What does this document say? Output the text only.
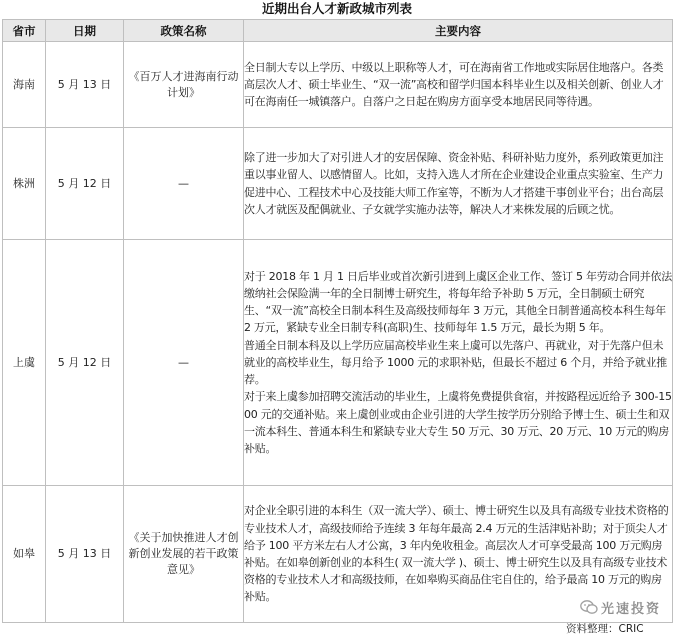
近期出台人才新政城市列表
省市	日期	政策名称	主要内容
海南	5 月 13 日	《百万人才进海南行动计划》	全日制大专以上学历、中级以上职称等人才，可在海南省工作地或实际居住地落户。各类高层次人才、硕士毕业生、“双一流”高校和留学归国本科毕业生以及相关创新、创业人才可在海南任一城镇落户。自落户之日起在购房方面享受本地居民同等待遇。

株洲	5 月 12 日	—	除了进一步加大了对引进人才的安居保障、资金补贴、科研补贴力度外，系列政策更加注重以事业留人、以感情留人。比如，支持入选人才所在企业建设企业重点实验室、生产力促进中心、工程技术中心及技能大师工作室等，不断为人才搭建干事创业平台；出台高层次人才就医及配偶就业、子女就学实施办法等，解决人才来株发展的后顾之忧。

上虞	5 月 12 日	—	对于 2018 年 1 月 1 日后毕业或首次新引进到上虞区企业工作、签订 5 年劳动合同并依法缴纳社会保险满一年的全日制博士研究生，将每年给予补助 5 万元，全日制硕士研究生、“双一流”高校全日制本科生及高级技师每年 3 万元，其他全日制普通高校本科生每年 2 万元，紧缺专业全日制专科(高职)生、技师每年 1.5 万元，最长为期 5 年。

普通全日制本科及以上学历应届高校毕业生来上虞可以先落户、再就业，对于先落户但未就业的高校毕业生，每月给予 1000 元的求职补贴，但最长不超过 6 个月，并给予就业推荐。

对于来上虞参加招聘交流活动的毕业生，上虞将免费提供食宿，并按路程远近给予 300-1500 元的交通补贴。来上虞创业或由企业引进的大学生按学历分别给予博士生、硕士生和双一流本科生、普通本科生和紧缺专业大专生 50 万元、30 万元、20 万元、10 万元的购房补贴。

如皋	5 月 13 日	《关于加快推进人才创新创业发展的若干政策意见》	对企业全职引进的本科生（双一流大学）、硕士、博士研究生以及具有高级专业技术资格的专业技术人才，高级技师给予连续 3 年每年最高 2.4 万元的生活津贴补助；对于顶尖人才给予 100 平方米左右人才公寓，3 年内免收租金。高层次人才可享受最高 100 万元购房补贴。在如皋创新创业的本科生( 双一流大学 )、硕士、博士研究生以及具有高级专业技术资格的专业技术人才和高级技师，在如皋购买商品住宅自住的，给予最高 10 万元的购房补贴。

光速投资
资料整理：CRIC
